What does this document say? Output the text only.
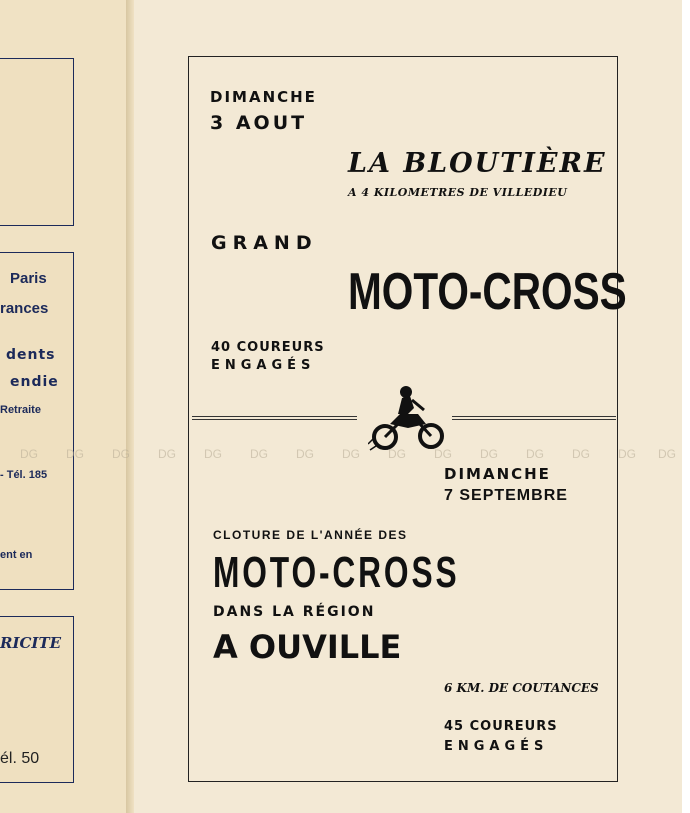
Paris
rances
dents
endie
Retraite
- Tél. 185
ent en
RICITE
él. 50
DIMANCHE
3 AOUT
LA BLOUTIÈRE
A 4 KILOMETRES DE VILLEDIEU
GRAND
MOTO-CROSS
40 COUREURS
ENGAGÉS
DG DG DG DG DG DG DG DG DG DG DG DG DG DG DG
DIMANCHE
7 SEPTEMBRE
CLOTURE DE L'ANNÉE DES
MOTO-CROSS
DANS LA RÉGION
A OUVILLE
6 KM. DE COUTANCES
45 COUREURS
ENGAGÉS
